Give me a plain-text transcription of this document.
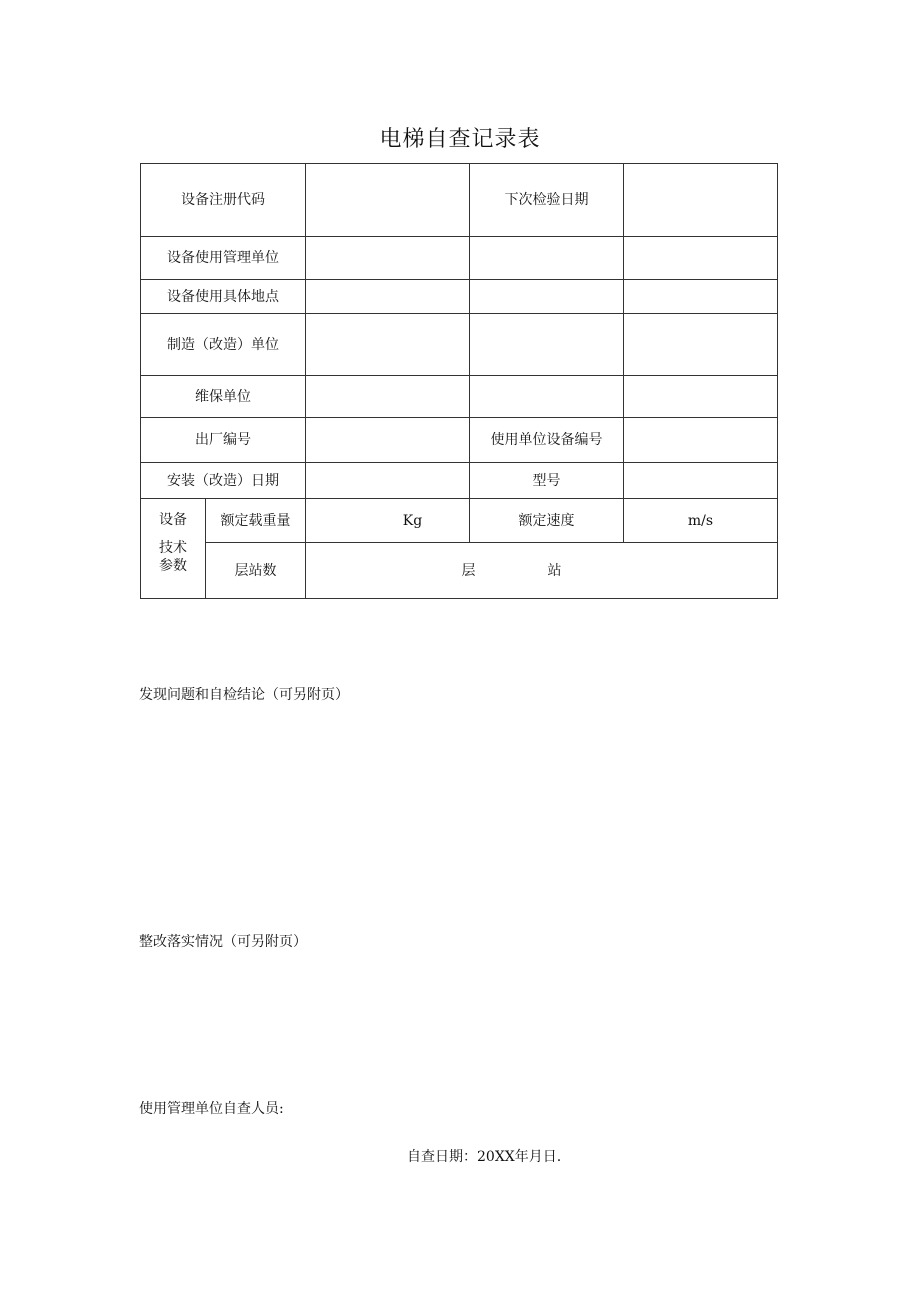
电梯自查记录表
设备注册代码			下次检验日期	
设备使用管理单位				
设备使用具体地点				
制造（改造）单位				
维保单位				
出厂编号			使用单位设备编号	
安装（改造）日期			型号	

设备
技术
参数	额定载重量	Kg	额定速度	m/s
	层站数	层 站		

发现问题和自检结论（可另附页）

整改落实情况（可另附页）

使用管理单位自查人员:

自查日期：20XX年月日.
